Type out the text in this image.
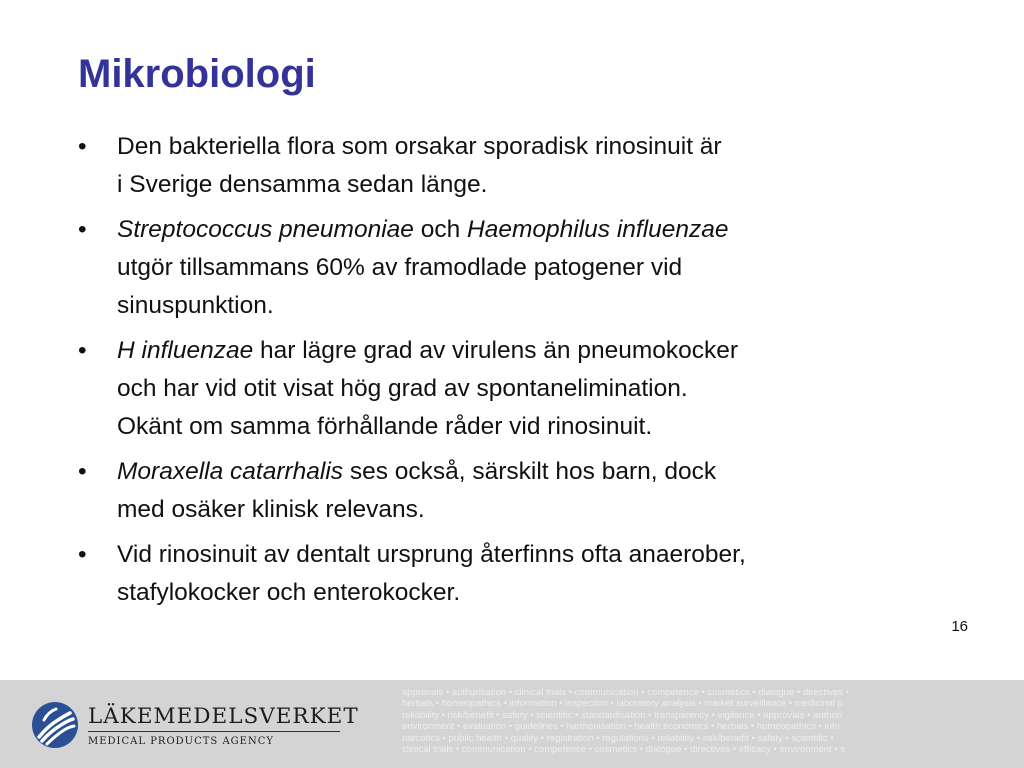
Mikrobiologi
• Den bakteriella flora som orsakar sporadisk rinosinuit är
i Sverige densamma sedan länge.
• Streptococcus pneumoniae och Haemophilus influenzae
utgör tillsammans 60% av framodlade patogener vid
sinuspunktion.
• H influenzae har lägre grad av virulens än pneumokocker
och har vid otit visat hög grad av spontanelimination.
Okänt om samma förhållande råder vid rinosinuit.
• Moraxella catarrhalis ses också, särskilt hos barn, dock
med osäker klinisk relevans.
• Vid rinosinuit av dentalt ursprung återfinns ofta anaerober,
stafylokocker och enterokocker.
16
LÄKEMEDELSVERKET
MEDICAL PRODUCTS AGENCY
approvals • authorisation • clinical trials • communication • competence • cosmetics • dialogue • directives •
herbals • homeopathics • information • inspection • laboratory analysis • market surveillance • medicinal p
reliability • risk/benefit • safety • scientific • standardisation • transparency • vigilance • approvals • authori
environment • evaluation • guidelines • harmonisation • health economics • herbals • homeopathics • info
narcotics • public health • quality • registration • regulations • reliability • risk/benefit • safety • scientific •
clinical trials • communication • competence • cosmetics • dialogue • directives • efficacy • environment • e
